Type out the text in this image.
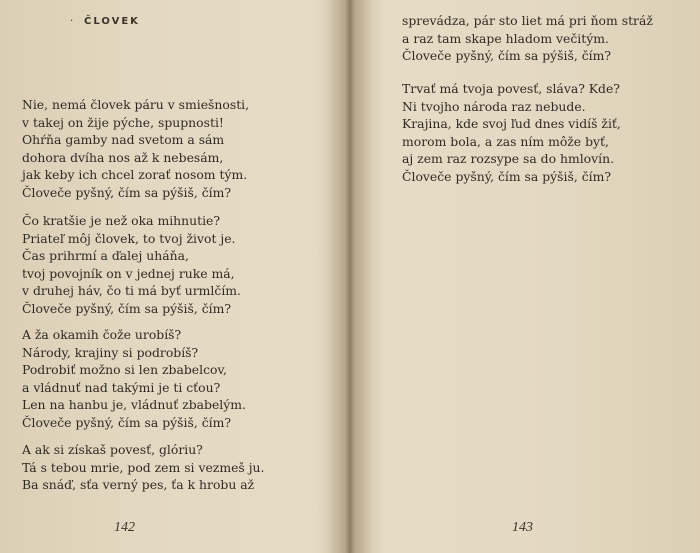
· ČLOVEK
Nie, nemá človek páru v smiešnosti,
v takej on žije pýche, spupnosti!
Ohŕňa gamby nad svetom a sám
dohora dvíha nos až k nebesám,
jak keby ich chcel zorať nosom tým.
Človeče pyšný, čím sa pýšiš, čím?
Čo kratšie je než oka mihnutie?
Priateľ môj človek, to tvoj život je.
Čas prihrmí a ďalej uháňa,
tvoj povojník on v jednej ruke má,
v druhej háv, čo ti má byť urmlčím.
Človeče pyšný, čím sa pýšiš, čím?
A ža okamih čože urobíš?
Národy, krajiny si podrobíš?
Podrobiť možno si len zbabelcov,
a vládnuť nad takými je ti cťou?
Len na hanbu je, vládnuť zbabelým.
Človeče pyšný, čím sa pýšiš, čím?
A ak si získaš povesť, glóriu?
Tá s tebou mrie, pod zem si vezmeš ju.
Ba snáď, sťa verný pes, ťa k hrobu až
142
sprevádza, pár sto liet má pri ňom stráž
a raz tam skape hladom večitým.
Človeče pyšný, čím sa pýšiš, čím?
Trvať má tvoja povesť, sláva? Kde?
Ni tvojho národa raz nebude.
Krajina, kde svoj ľud dnes vidíš žiť,
morom bola, a zas ním môže byť,
aj zem raz rozsype sa do hmlovín.
Človeče pyšný, čím sa pýšiš, čím?
143
